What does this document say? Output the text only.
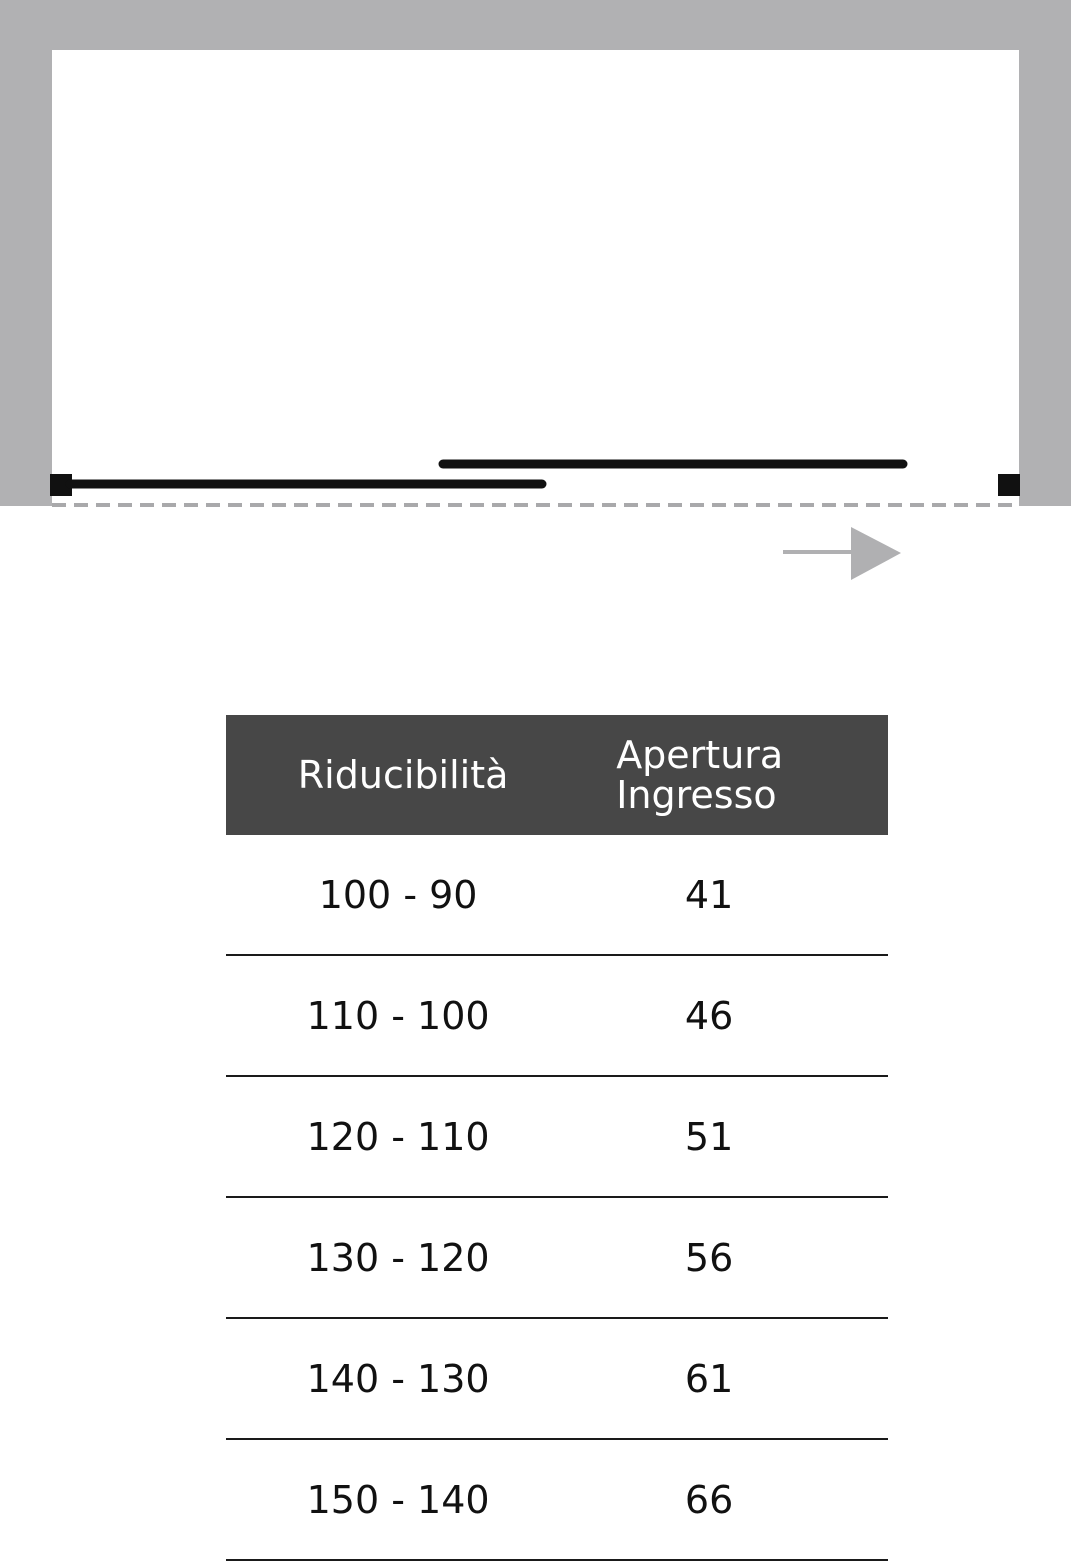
Riducibilità	Apertura
Ingresso

100 - 90	41
110 - 100	46
120 - 110	51
130 - 120	56
140 - 130	61
150 - 140	66
